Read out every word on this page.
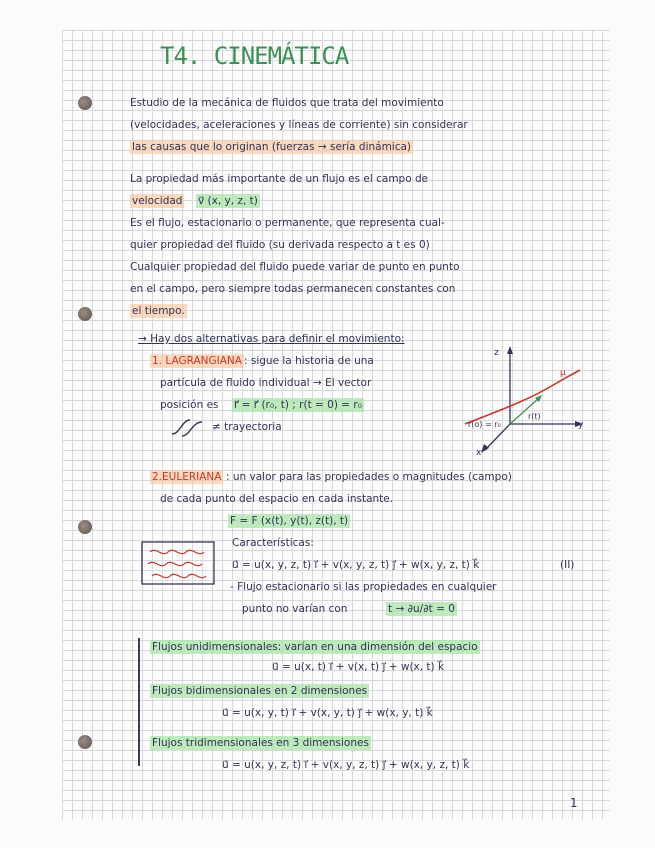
T4. CINEMÁTICA
Estudio de la mecánica de fluidos que trata del movimiento
(velocidades, aceleraciones y líneas de corriente) sin considerar
las causas que lo originan (fuerzas → sería dinámica)
La propiedad más importante de un flujo es el campo de
velocidad v⃗ (x, y, z, t)
Es el flujo, estacionario o permanente, que representa cual-
quier propiedad del fluido (su derivada respecto a t es 0)
Cualquier propiedad del fluido puede variar de punto en punto
en el campo, pero siempre todas permanecen constantes con
el tiempo.
→ Hay dos alternativas para definir el movimiento:
1. LAGRANGIANA : sigue la historia de una
partícula de fluido individual → El vector
posición es r⃗ = r⃗ (r₀, t) ; r(t = 0) = r₀
≠ trayectoria
z
y
x
μ
r(t)
r(o) = r₀
2.EULERIANA : un valor para las propiedades o magnitudes (campo)
de cada punto del espacio en cada instante.
F = F (x(t), y(t), z(t), t)
Características:
u⃗ = u(x, y, z, t) i⃗ + v(x, y, z, t) j⃗ + w(x, y, z, t) k⃗	(II)
- Flujo estacionario si las propiedades en cualquier
punto no varían con	t → ∂u/∂t = 0
Flujos unidimensionales: varían en una dimensión del espacio
u⃗ = u(x, t) i⃗ + v(x, t) j⃗ + w(x, t) k⃗
Flujos bidimensionales en 2 dimensiones
u⃗ = u(x, y, t) i⃗ + v(x, y, t) j⃗ + w(x, y, t) k⃗
Flujos tridimensionales en 3 dimensiones
u⃗ = u(x, y, z, t) i⃗ + v(x, y, z, t) j⃗ + w(x, y, z, t) k⃗
1
